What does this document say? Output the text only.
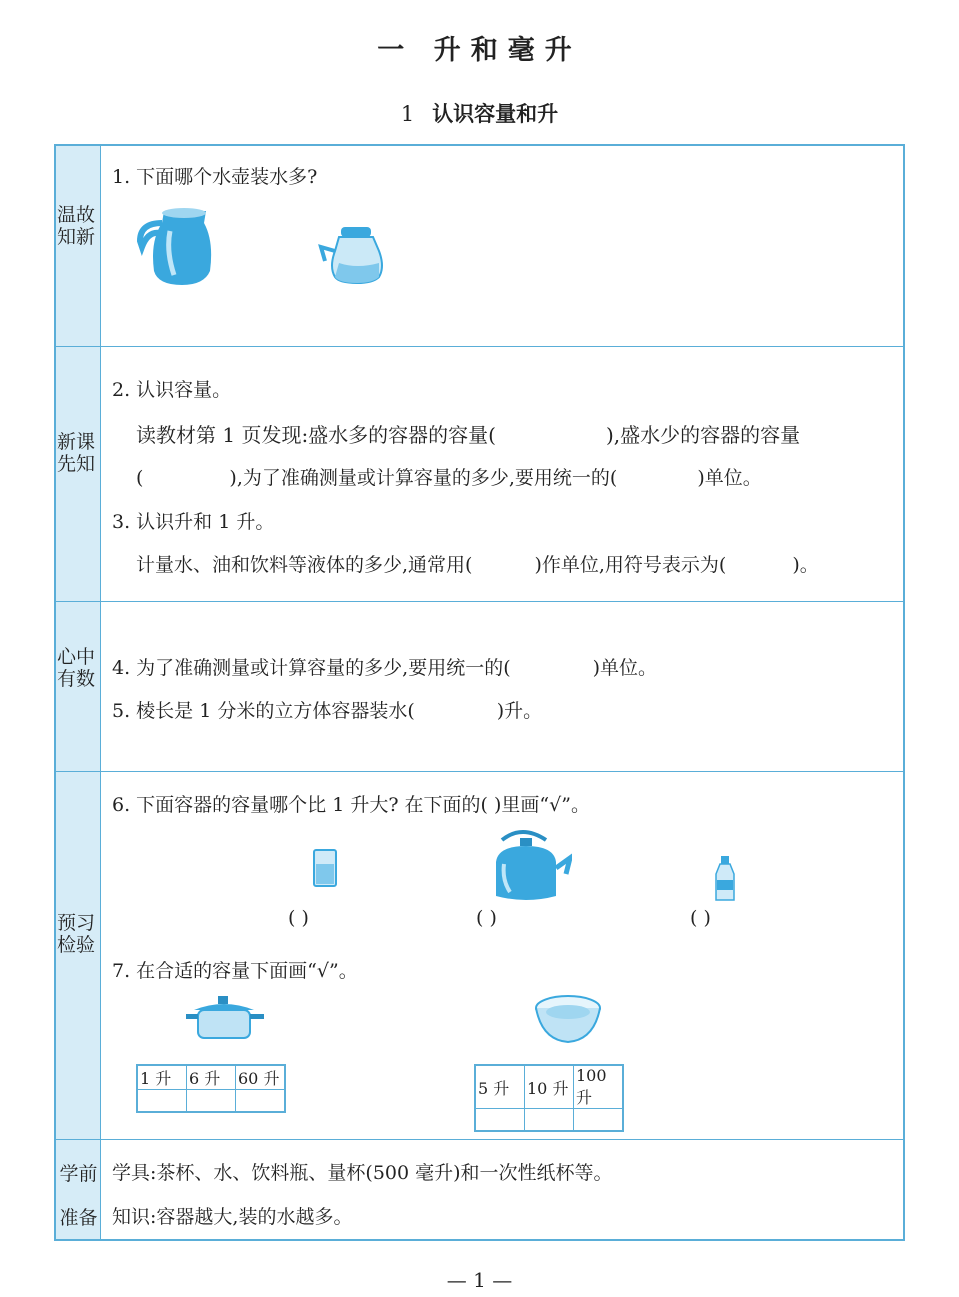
一 升和毫升
1 认识容量和升
温故知新
1. 下面哪个水壶装水多?
新课先知
2. 认识容量。
读教材第 1 页发现:盛水多的容器的容量(	),盛水少的容器的容量
(	),为了准确测量或计算容量的多少,要用统一的(	)单位。
3. 认识升和 1 升。
计量水、油和饮料等液体的多少,通常用(	)作单位,用符号表示为(	)。
心中有数 4. 为了准确测量或计算容量的多少,要用统一的(	)单位。
5. 棱长是 1 分米的立方体容器装水(	)升。
预习检验
6. 下面容器的容量哪个比 1 升大? 在下面的( )里画“√”。
( )	( )	( )
7. 在合适的容量下面画“√”。
1 升	6 升	60 升
			5 升	10 升	100 升

学前
准备
学具:茶杯、水、饮料瓶、量杯(500 毫升)和一次性纸杯等。
知识:容器越大,装的水越多。
— 1 —
